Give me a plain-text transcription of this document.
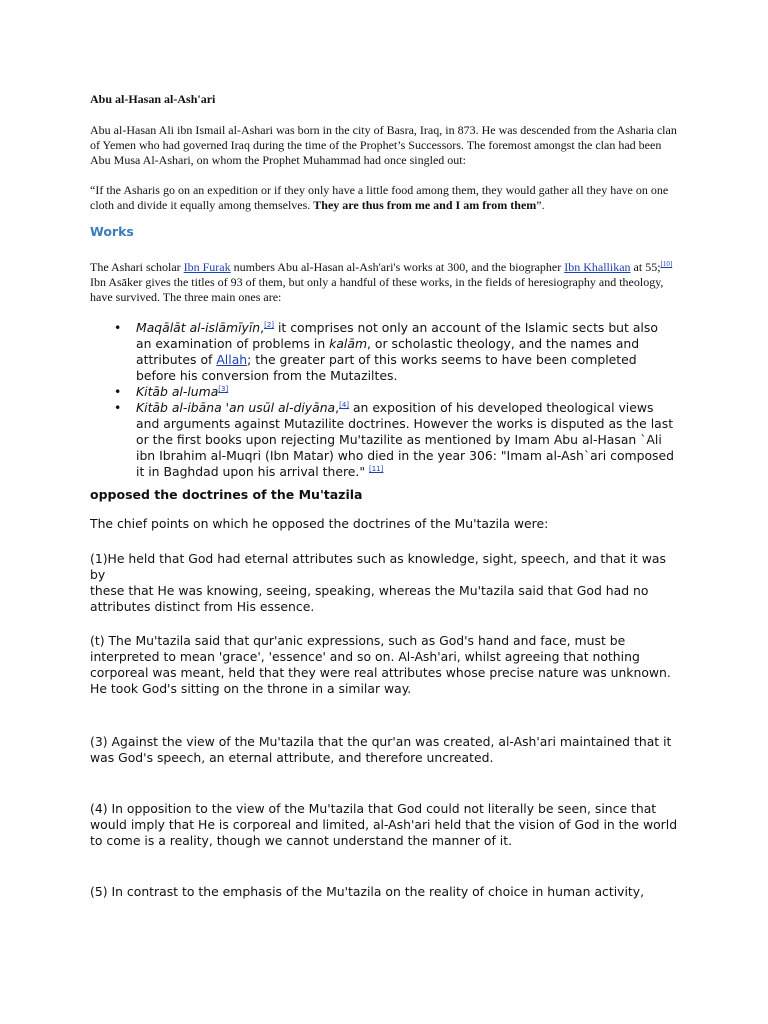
Abu al-Hasan al-Ash'ari
Abu al-Hasan Ali ibn Ismail al-Ashari was born in the city of Basra, Iraq, in 873. He was descended from the Asharia clan of Yemen who had governed Iraq during the time of the Prophet’s Successors. The foremost amongst the clan had been Abu Musa Al-Ashari, on whom the Prophet Muhammad had once singled out:
“If the Asharis go on an expedition or if they only have a little food among them, they would gather all they have on one cloth and divide it equally among themselves. They are thus from me and I am from them”.
Works
The Ashari scholar Ibn Furak numbers Abu al-Hasan al-Ash'ari's works at 300, and the biographer Ibn Khallikan at 55;[10] Ibn Asāker gives the titles of 93 of them, but only a handful of these works, in the fields of heresiography and theology, have survived. The three main ones are:
• Maqālāt al-islāmīyīn,[2] it comprises not only an account of the Islamic sects but also an examination of problems in kalām, or scholastic theology, and the names and attributes of Allah; the greater part of this works seems to have been completed before his conversion from the Mutaziltes.
• Kitāb al-luma[3]
• Kitāb al-ibāna 'an usūl al-diyāna,[4] an exposition of his developed theological views and arguments against Mutazilite doctrines. However the works is disputed as the last or the first books upon rejecting Mu'tazilite as mentioned by Imam Abu al-Hasan `Ali ibn Ibrahim al-Muqri (Ibn Matar) who died in the year 306: "Imam al-Ash`ari composed it in Baghdad upon his arrival there." [11]
opposed the doctrines of the Mu'tazila
The chief points on which he opposed the doctrines of the Mu'tazila were:
(1)He held that God had eternal attributes such as knowledge, sight, speech, and that it was by
these that He was knowing, seeing, speaking, whereas the Mu'tazila said that God had no attributes distinct from His essence.
(t) The Mu'tazila said that qur'anic expressions, such as God's hand and face, must be interpreted to mean 'grace', 'essence' and so on. Al-Ash'ari, whilst agreeing that nothing corporeal was meant, held that they were real attributes whose precise nature was unknown.
He took God's sitting on the throne in a similar way.
(3) Against the view of the Mu'tazila that the qur'an was created, al-Ash'ari maintained that it
was God's speech, an eternal attribute, and therefore uncreated.
(4) In opposition to the view of the Mu'tazila that God could not literally be seen, since that would imply that He is corporeal and limited, al-Ash'ari held that the vision of God in the world
to come is a reality, though we cannot understand the manner of it.
(5) In contrast to the emphasis of the Mu'tazila on the reality of choice in human activity,
